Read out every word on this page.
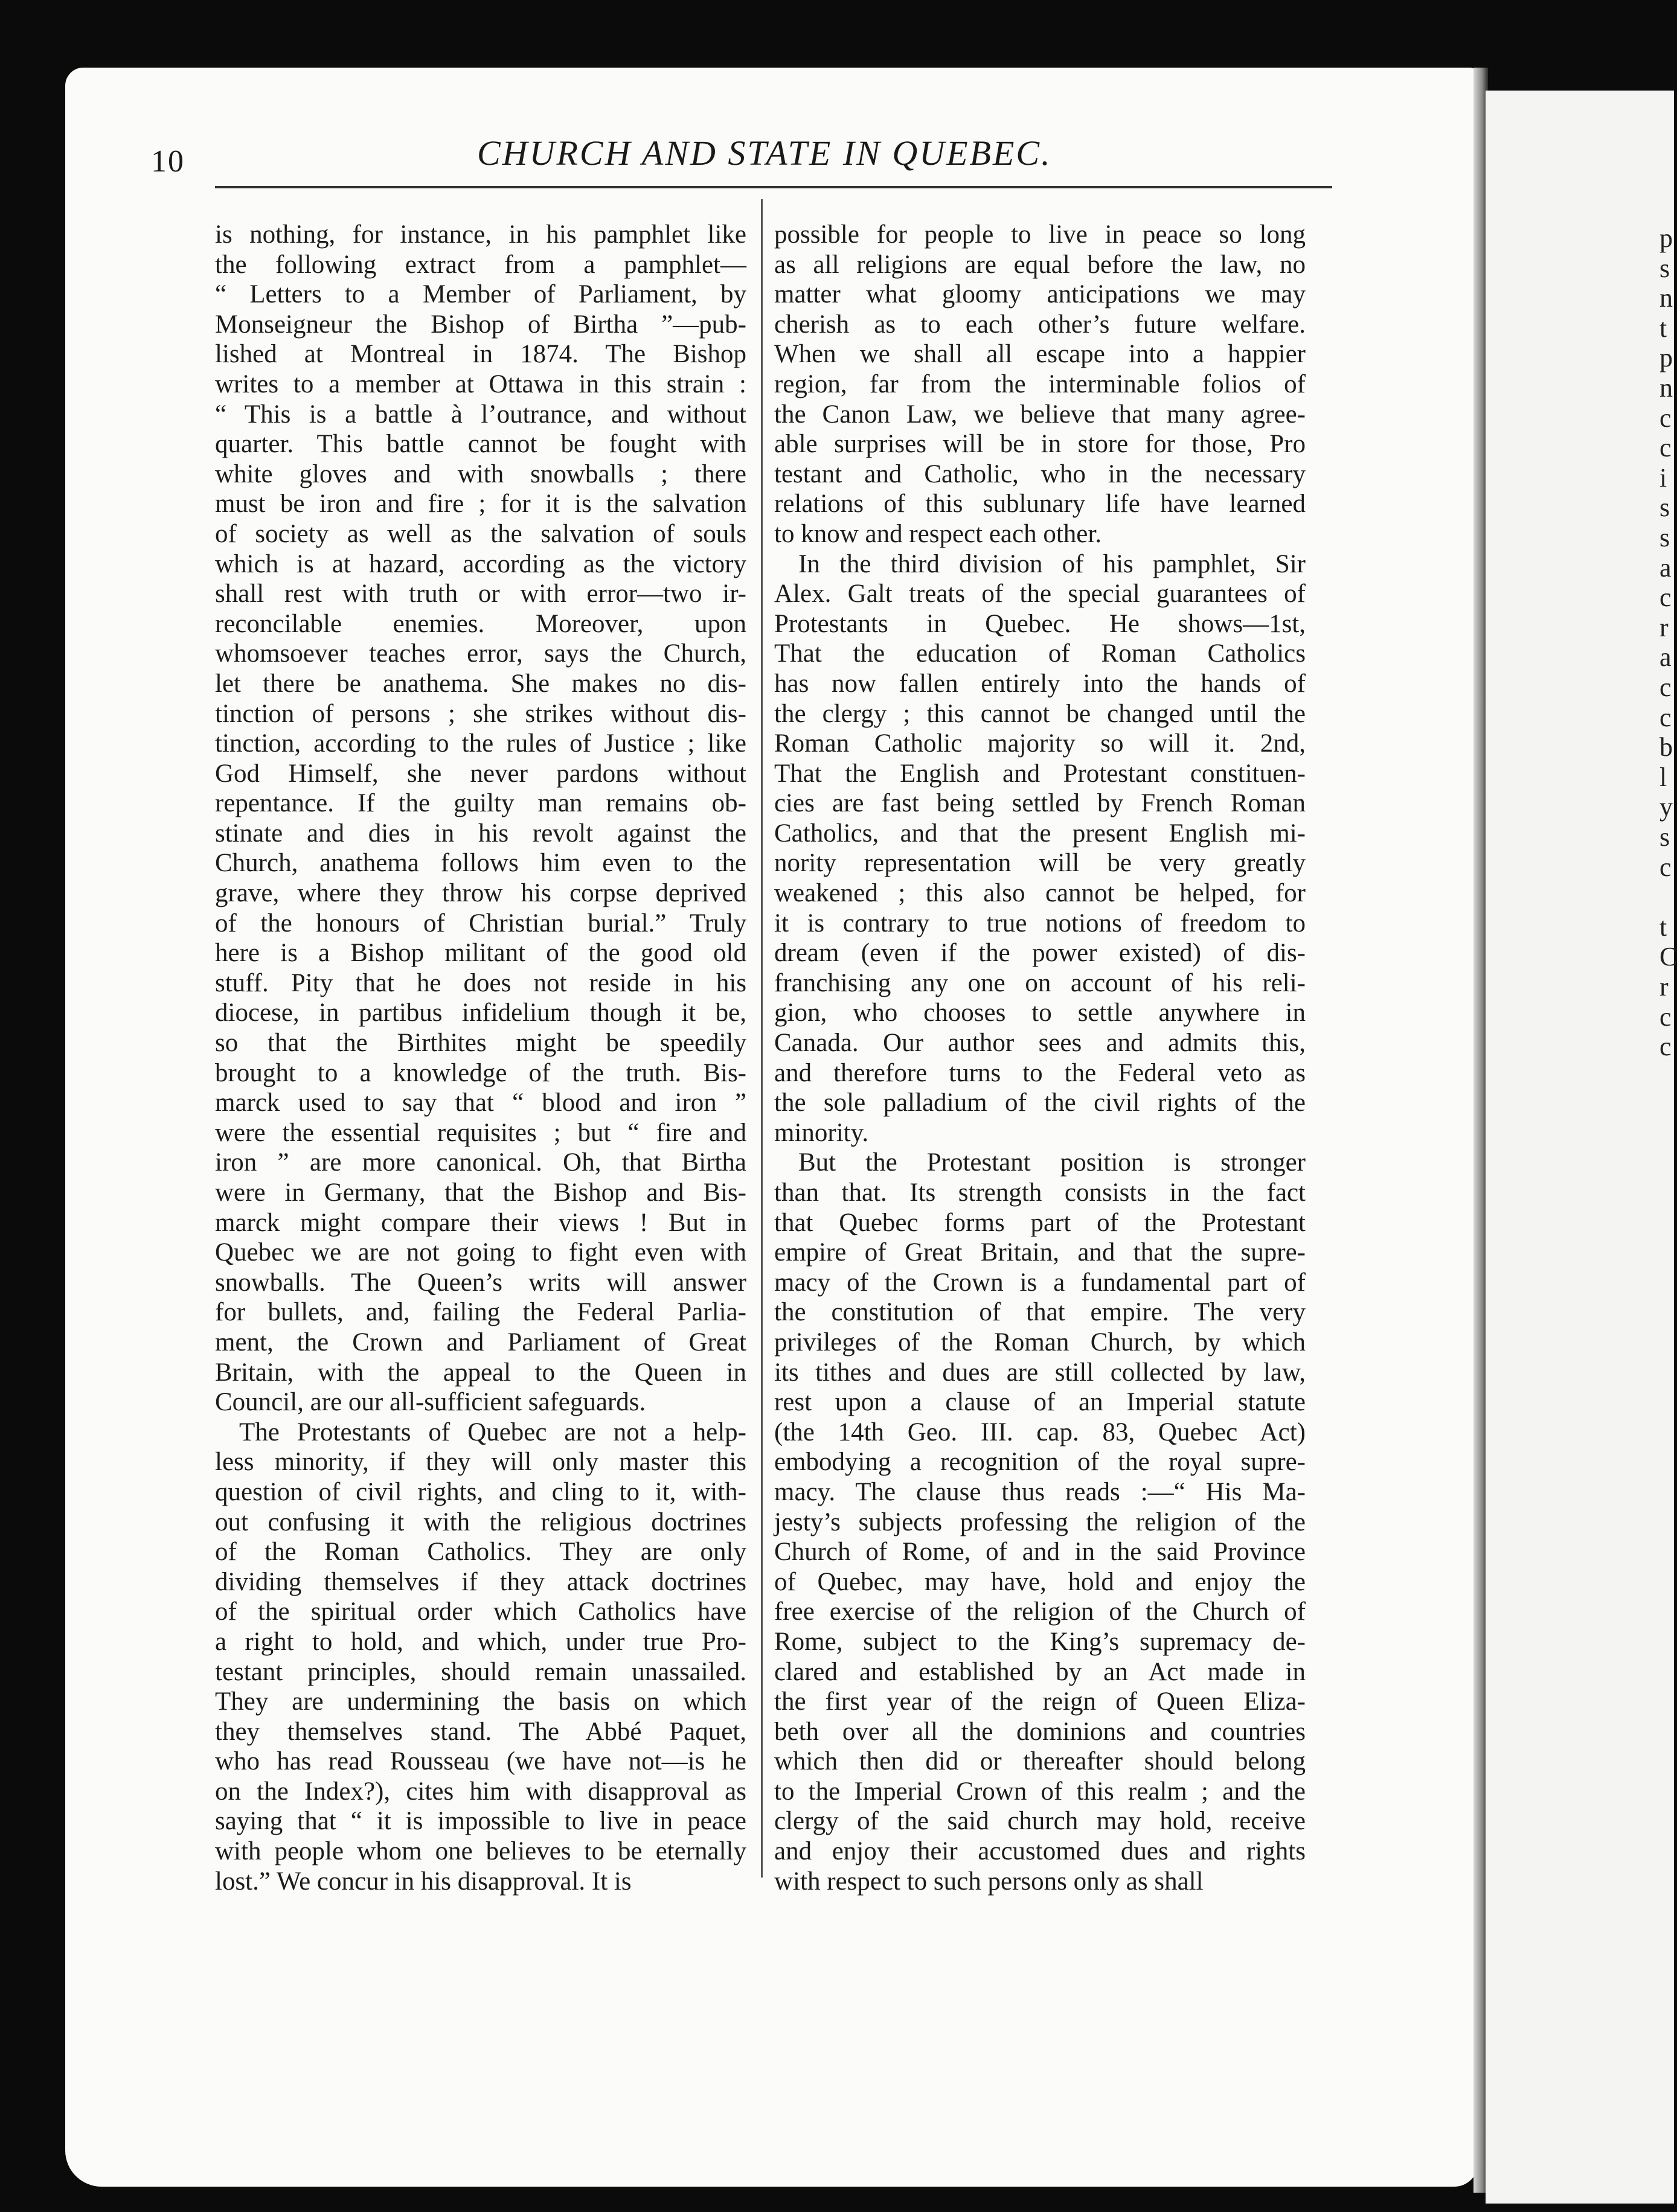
10	CHURCH AND STATE IN QUEBEC.
is nothing, for instance, in his pamphlet like
the following extract from a pamphlet—
“ Letters to a Member of Parliament, by
Monseigneur the Bishop of Birtha ”—pub-
lished at Montreal in 1874. The Bishop
writes to a member at Ottawa in this strain :
“ This is a battle à l’outrance, and without
quarter. This battle cannot be fought with
white gloves and with snowballs ; there
must be iron and fire ; for it is the salvation
of society as well as the salvation of souls
which is at hazard, according as the victory
shall rest with truth or with error—two ir-
reconcilable enemies. Moreover, upon
whomsoever teaches error, says the Church,
let there be anathema. She makes no dis-
tinction of persons ; she strikes without dis-
tinction, according to the rules of Justice ; like
God Himself, she never pardons without
repentance. If the guilty man remains ob-
stinate and dies in his revolt against the
Church, anathema follows him even to the
grave, where they throw his corpse deprived
of the honours of Christian burial.” Truly
here is a Bishop militant of the good old
stuff. Pity that he does not reside in his
diocese, in partibus infidelium though it be,
so that the Birthites might be speedily
brought to a knowledge of the truth. Bis-
marck used to say that “ blood and iron ”
were the essential requisites ; but “ fire and
iron ” are more canonical. Oh, that Birtha
were in Germany, that the Bishop and Bis-
marck might compare their views ! But in
Quebec we are not going to fight even with
snowballs. The Queen’s writs will answer
for bullets, and, failing the Federal Parlia-
ment, the Crown and Parliament of Great
Britain, with the appeal to the Queen in
Council, are our all-sufficient safeguards.
The Protestants of Quebec are not a help-
less minority, if they will only master this
question of civil rights, and cling to it, with-
out confusing it with the religious doctrines
of the Roman Catholics. They are only
dividing themselves if they attack doctrines
of the spiritual order which Catholics have
a right to hold, and which, under true Pro-
testant principles, should remain unassailed.
They are undermining the basis on which
they themselves stand. The Abbé Paquet,
who has read Rousseau (we have not—is he
on the Index?), cites him with disapproval as
saying that “ it is impossible to live in peace
with people whom one believes to be eternally
lost.” We concur in his disapproval. It is
possible for people to live in peace so long
as all religions are equal before the law, no
matter what gloomy anticipations we may
cherish as to each other’s future welfare.
When we shall all escape into a happier
region, far from the interminable folios of
the Canon Law, we believe that many agree-
able surprises will be in store for those, Pro
testant and Catholic, who in the necessary
relations of this sublunary life have learned
to know and respect each other.
In the third division of his pamphlet, Sir
Alex. Galt treats of the special guarantees of
Protestants in Quebec. He shows—1st,
That the education of Roman Catholics
has now fallen entirely into the hands of
the clergy ; this cannot be changed until the
Roman Catholic majority so will it. 2nd,
That the English and Protestant constituen-
cies are fast being settled by French Roman
Catholics, and that the present English mi-
nority representation will be very greatly
weakened ; this also cannot be helped, for
it is contrary to true notions of freedom to
dream (even if the power existed) of dis-
franchising any one on account of his reli-
gion, who chooses to settle anywhere in
Canada. Our author sees and admits this,
and therefore turns to the Federal veto as
the sole palladium of the civil rights of the
minority.
But the Protestant position is stronger
than that. Its strength consists in the fact
that Quebec forms part of the Protestant
empire of Great Britain, and that the supre-
macy of the Crown is a fundamental part of
the constitution of that empire. The very
privileges of the Roman Church, by which
its tithes and dues are still collected by law,
rest upon a clause of an Imperial statute
(the 14th Geo. III. cap. 83, Quebec Act)
embodying a recognition of the royal supre-
macy. The clause thus reads :—“ His Ma-
jesty’s subjects professing the religion of the
Church of Rome, of and in the said Province
of Quebec, may have, hold and enjoy the
free exercise of the religion of the Church of
Rome, subject to the King’s supremacy de-
clared and established by an Act made in
the first year of the reign of Queen Eliza-
beth over all the dominions and countries
which then did or thereafter should belong
to the Imperial Crown of this realm ; and the
clergy of the said church may hold, receive
and enjoy their accustomed dues and rights
with respect to such persons only as shall
p
s
n
t
p
n
c
c
i
s
s
a
c
r
a
c
c
b
l
y
s
c
t
C
r
c
c
